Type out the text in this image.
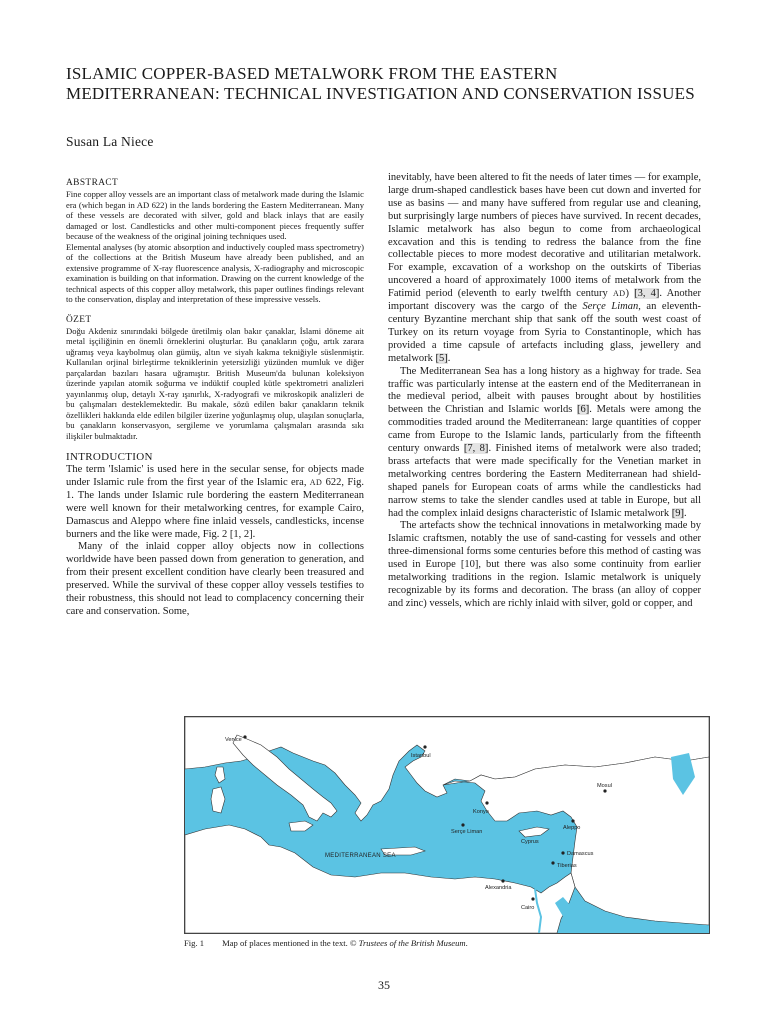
ISLAMIC COPPER-BASED METALWORK FROM THE EASTERN MEDITERRANEAN: TECHNICAL INVESTIGATION AND CONSERVATION ISSUES

Susan La Niece

ABSTRACT

Fine copper alloy vessels are an important class of metalwork made during the Islamic era (which began in AD 622) in the lands bordering the Eastern Mediterranean. Many of these vessels are decorated with silver, gold and black inlays that are easily damaged or lost. Candlesticks and other multi-component pieces frequently suffer because of the weakness of the original joining techniques used.

Elemental analyses (by atomic absorption and inductively coupled mass spectrometry) of the collections at the British Museum have already been published, and an extensive programme of X-ray fluorescence analysis, X-radiography and microscopic examination is building on that information. Drawing on the current knowledge of the technical aspects of this copper alloy metalwork, this paper outlines findings relevant to the conservation, display and interpretation of these impressive vessels.

ÖZET

Doğu Akdeniz sınırındaki bölgede üretilmiş olan bakır çanaklar, İslami döneme ait metal işçiliğinin en önemli örneklerini oluşturlar. Bu çanakların çoğu, artık zarara uğramış veya kaybolmuş olan gümüş, altın ve siyah kakma tekniğiyle süslenmiştir. Kullanılan orjinal birleştirme tekniklerinin yetersizliği yüzünden mumluk ve diğer parçalardan bazıları hasara uğramıştır. British Museum'da bulunan koleksiyon üzerinde yapılan atomik soğurma ve indüktif coupled kütle spektrometri analizleri yayınlanmış olup, detaylı X-ray ışınırlık, X-radyografi ve mikroskopik analizleri de bu çalışmaları desteklemektedir. Bu makale, sözü edilen bakır çanakların teknik özellikleri hakkında elde edilen bilgiler üzerine yoğunlaşmış olup, ulaşılan sonuçlarla, bu çanakların konservasyon, sergileme ve yorumlama çalışmaları arasında sıkı ilişkiler bulmaktadır.

INTRODUCTION

The term 'Islamic' is used here in the secular sense, for objects made under Islamic rule from the first year of the Islamic era, AD 622, Fig. 1. The lands under Islamic rule bordering the eastern Mediterranean were well known for their metalworking centres, for example Cairo, Damascus and Aleppo where fine inlaid vessels, candlesticks, incense burners and the like were made, Fig. 2 [1, 2].

Many of the inlaid copper alloy objects now in collections worldwide have been passed down from generation to generation, and from their present excellent condition have clearly been treasured and preserved. While the survival of these copper alloy vessels testifies to their robustness, this should not lead to complacency concerning their care and conservation. Some,

inevitably, have been altered to fit the needs of later times — for example, large drum-shaped candlestick bases have been cut down and inverted for use as basins — and many have suffered from regular use and cleaning, but surprisingly large numbers of pieces have survived. In recent decades, Islamic metalwork has also begun to come from archaeological excavation and this is tending to redress the balance from the fine collectable pieces to more modest decorative and utilitarian metalwork. For example, excavation of a workshop on the outskirts of Tiberias uncovered a hoard of approximately 1000 items of metalwork from the Fatimid period (eleventh to early twelfth century AD) [3, 4]. Another important discovery was the cargo of the Serçe Liman, an eleventh-century Byzantine merchant ship that sank off the south west coast of Turkey on its return voyage from Syria to Constantinople, which has provided a time capsule of artefacts including glass, jewellery and metalwork [5].

The Mediterranean Sea has a long history as a highway for trade. Sea traffic was particularly intense at the eastern end of the Mediterranean in the medieval period, albeit with pauses brought about by hostilities between the Christian and Islamic worlds [6]. Metals were among the commodities traded around the Mediterranean: large quantities of copper came from Europe to the Islamic lands, particularly from the fifteenth century onwards [7, 8]. Finished items of metalwork were also traded; brass artefacts that were made specifically for the Venetian market in metalworking centres bordering the Eastern Mediterranean had shield-shaped panels for European coats of arms while the candlesticks had narrow stems to take the slender candles used at table in Europe, but all had the complex inlaid designs characteristic of Islamic metalwork [9].

The artefacts show the technical innovations in metalworking made by Islamic craftsmen, notably the use of sand-casting for vessels and other three-dimensional forms some centuries before this method of casting was used in Europe [10], but there was also some continuity from earlier metalworking traditions in the region. Islamic metalwork is uniquely recognizable by its forms and decoration. The brass (an alloy of copper and zinc) vessels, which are richly inlaid with silver, gold or copper, and

Venice
Istanbul
Mosul
Konya
Aleppo
Serçe Liman
Cyprus
Damascus
Tiberias
Alexandria
Cairo
MEDITERRANEAN SEA
Fig. 1 Map of places mentioned in the text. © Trustees of the British Museum.
35
